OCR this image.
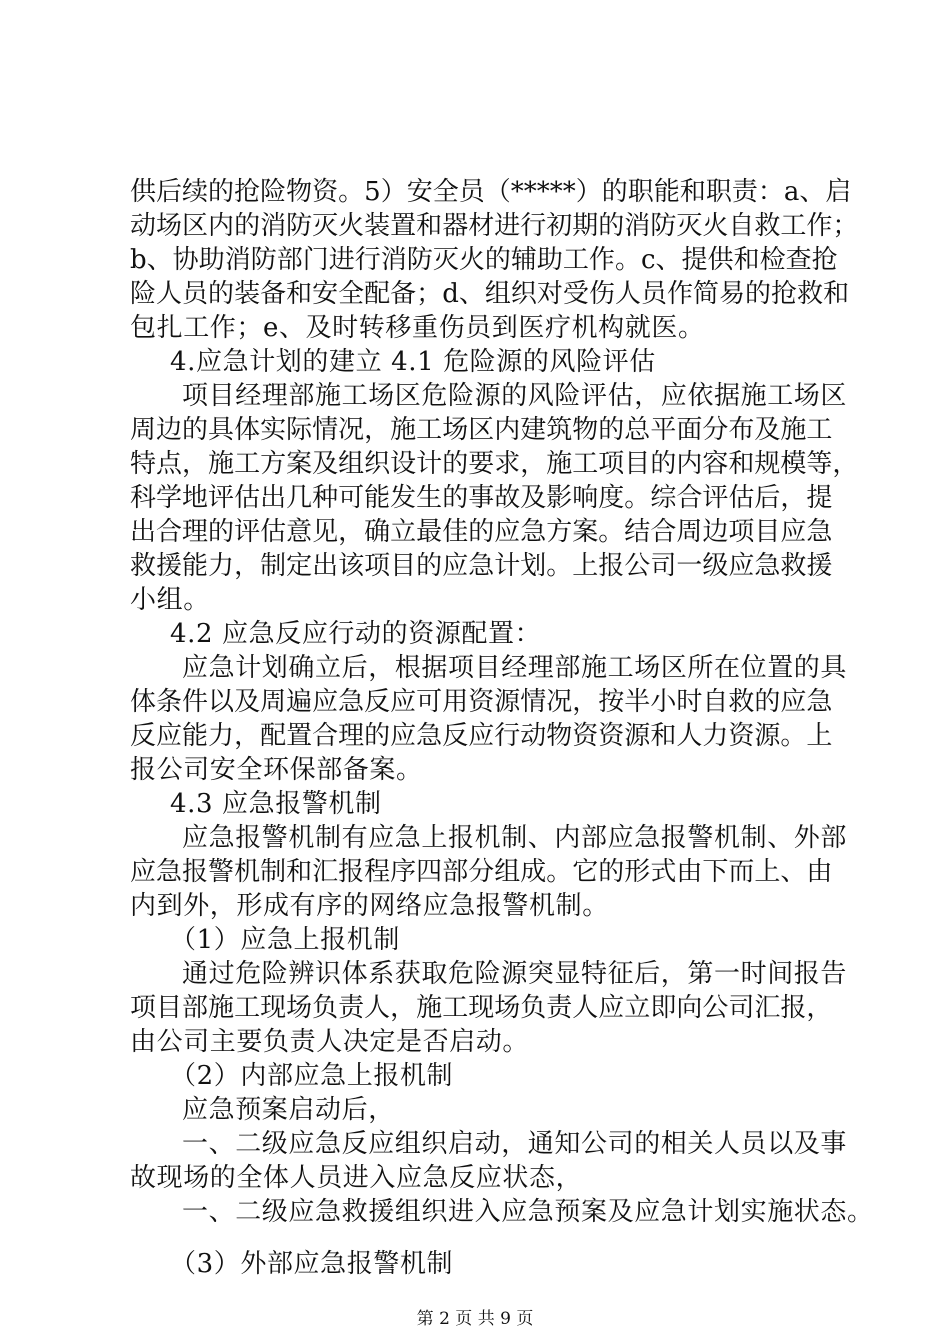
供 后 续 的 抢 险 物 资 。 5 ） 安 全 员 （ * * * * * ） 的 职 能 和 职 责 ： a 、 启
动 场 区 内 的 消 防 灭 火 装 置 和 器 材 进 行 初 期 的 消 防 灭 火 自 救 工 作 ；
b 、 协 助 消 防 部 门 进 行 消 防 灭 火 的 辅 助 工 作 。 c 、 提 供 和 检 查 抢
险 人 员 的 装 备 和 安 全 配 备 ； d 、 组 织 对 受 伤 人 员 作 简 易 的 抢 救 和
包扎工作；e、及时转移重伤员到医疗机构就医。
4.应急计划的建立 4.1 危险源的风险评估
项目经理部施工场区危险源的风险评估，应依据施工场区
周 边 的 具 体 实 际 情 况 ， 施 工 场 区 内 建 筑 物 的 总 平 面 分 布 及 施 工
特 点 ， 施 工 方 案 及 组 织 设 计 的 要 求 ， 施 工 项 目 的 内 容 和 规 模 等 ，
科 学 地 评 估 出 几 种 可 能 发 生 的 事 故 及 影 响 度 。 综 合 评 估 后 ， 提
出 合 理 的 评 估 意 见 ， 确 立 最 佳 的 应 急 方 案 。 结 合 周 边 项 目 应 急
救 援 能 力 ， 制 定 出 该 项 目 的 应 急 计 划 。 上 报 公 司 一 级 应 急 救 援
小组。
4.2 应急反应行动的资源配置：
应急计划确立后，根据项目经理部施工场区所在位置的具
体 条 件 以 及 周 遍 应 急 反 应 可 用 资 源 情 况 ， 按 半 小 时 自 救 的 应 急
反 应 能 力 ， 配 置 合 理 的 应 急 反 应 行 动 物 资 资 源 和 人 力 资 源 。 上
报公司安全环保部备案。
4.3 应急报警机制
应急报警机制有应急上报机制、内部应急报警机制、外部
应 急 报 警 机 制 和 汇 报 程 序 四 部 分 组 成 。 它 的 形 式 由 下 而 上 、 由
内到外，形成有序的网络应急报警机制。
（1）应急上报机制
通过危险辨识体系获取危险源突显特征后，第一时间报告
项 目 部 施 工 现 场 负 责 人 ， 施 工 现 场 负 责 人 应 立 即 向 公 司 汇 报 ，
由公司主要负责人决定是否启动。
（2）内部应急上报机制
应急预案启动后，
一、二级应急反应组织启动，通知公司的相关人员以及事
故现场的全体人员进入应急反应状态，
一、二级应急救援组织进入应急预案及应急计划实施状态。
（3）外部应急报警机制
第 2 页 共 9 页
